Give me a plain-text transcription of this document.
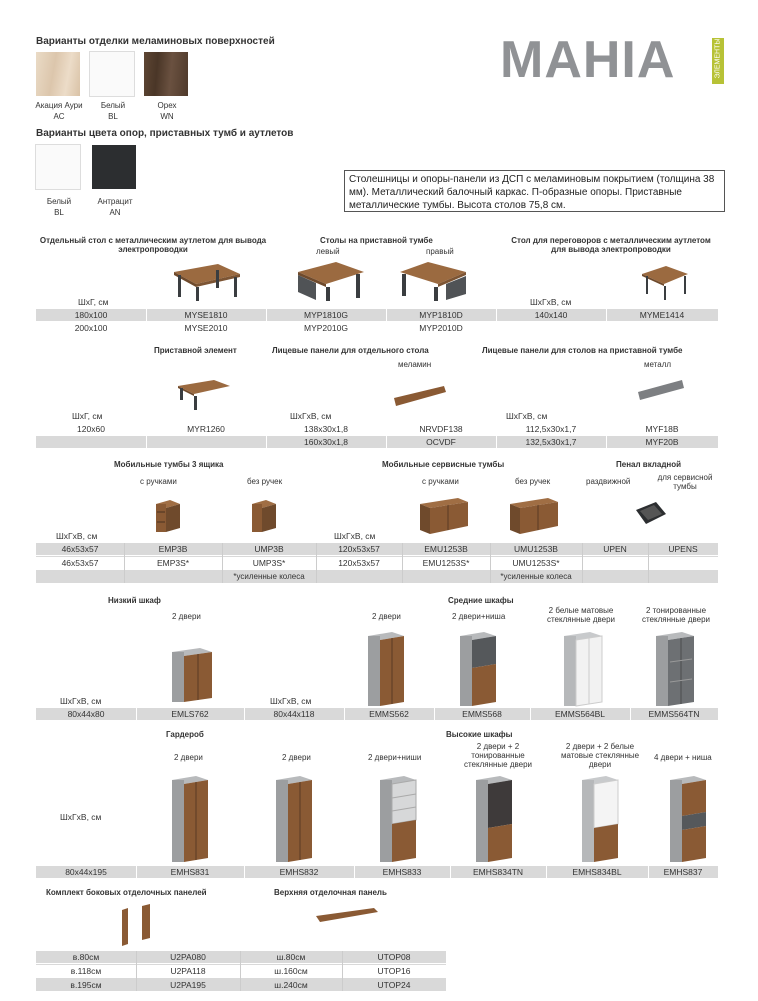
Варианты отделки меламиновых поверхностей
Акация Аури
AC
Белый
BL
Орех
WN
Варианты цвета опор, приставных тумб и аутлетов
Белый
BL
Антрацит
AN
МАНІА	ЭЛЕМЕНТЫ
Столешницы и опоры-панели из ДСП с меламиновым покрытием (толщина 38 мм). Металлический балочный каркас. П-образные опоры. Приставные металлические тумбы. Высота столов 75,8 см.
Отдельный стол с металлическим аутлетом для вывода электропроводки
Столы на приставной тумбе
левый	правый
Стол для переговоров с металлическим аутлетом для вывода электропроводки
ШхГ, см	ШхГхВ, см
180x100	MYSE1810	MYP1810G	MYP1810D	140x140	MYME1414
200x100	MYSE2010	MYP2010G	MYP2010D
Приставной элемент	Лицевые панели для отдельного стола
меламин
Лицевые панели для столов на приставной тумбе
металл
ШхГ, см	ШхГхВ, см	ШхГхВ, см
120x60	MYR1260	138x30x1,8	NRVDF138	112,5x30x1,7	MYF18B
160x30x1,8	OCVDF	132,5x30x1,7	MYF20B
Мобильные тумбы 3 ящика
с ручками	без ручек
Мобильные сервисные тумбы
с ручками	без ручек
Пенал вкладной
раздвижной	для сервисной тумбы
ШхГхВ, см	ШхГхВ, см
46x53x57	EMP3B	UMP3B	120x53x57	EMU1253B	UMU1253B	UPEN	UPENS
46x53x57	EMP3S*	UMP3S*	120x53x57	EMU1253S*	UMU1253S*
*усиленные колеса	*усиленные колеса
Низкий шкаф
2 двери
Средние шкафы
2 двери	2 двери+ниша
2 белые матовые стеклянные двери
2 тонированные стеклянные двери
ШхГхВ, см	ШхГхВ, см
80x44x80	EMLS762	80x44x118	EMMS562	EMMS568	EMMS564BL	EMMS564TN
Гардероб
2 двери
Высокие шкафы
2 двери	2 двери+ниши
2 двери + 2 тонированные стеклянные двери
2 двери + 2 белые матовые стеклянные двери
4 двери + ниша
ШхГхВ, см
80x44x195	EMHS831	EMHS832	EMHS833	EMHS834TN	EMHS834BL	EMHS837
Комплект боковых отделочных панелей	Верхняя отделочная панель
в.80см	U2PA080	ш.80см	UTOP08
в.118см	U2PA118	ш.160см	UTOP16
в.195см	U2PA195	ш.240см	UTOP24
